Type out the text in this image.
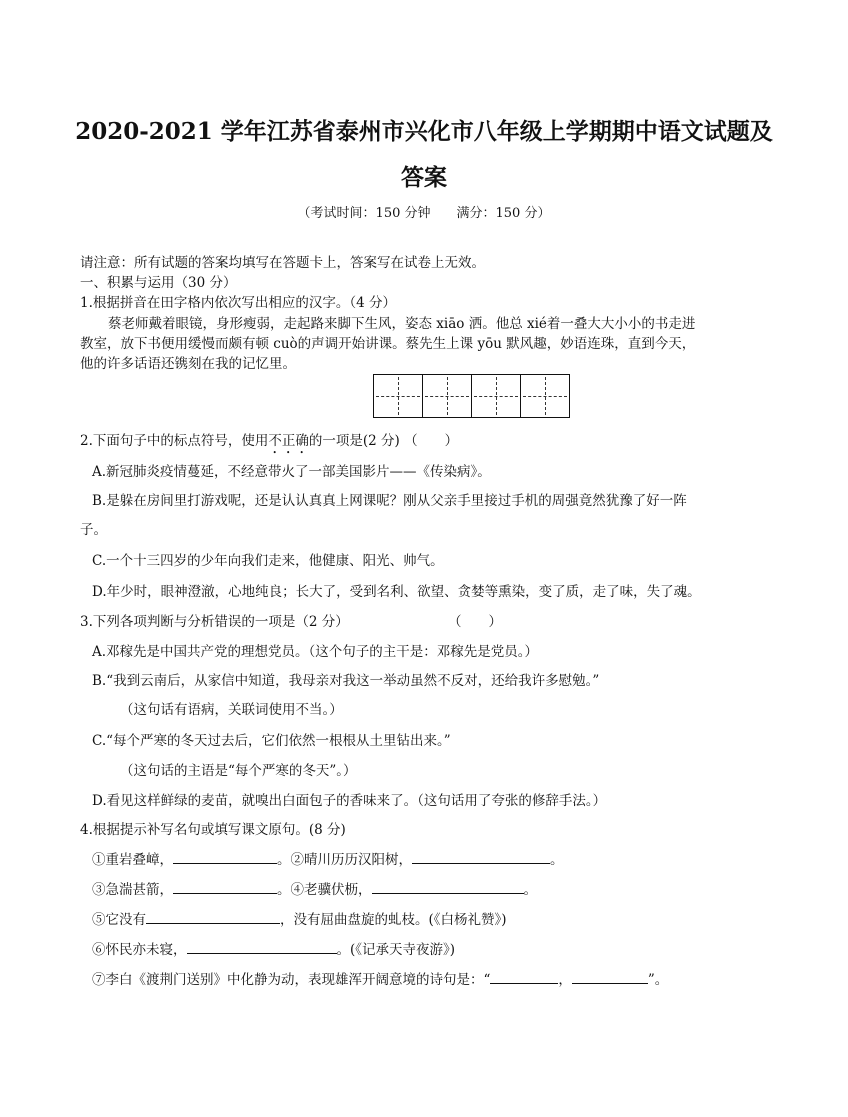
2020-2021 学年江苏省泰州市兴化市八年级上学期期中语文试题及
答案
（考试时间：150 分钟　　满分：150 分）
请注意：所有试题的答案均填写在答题卡上，答案写在试卷上无效。
一、积累与运用（30 分）
1.根据拼音在田字格内依次写出相应的汉字。（4 分）
蔡老师戴着眼镜，身形瘦弱，走起路来脚下生风，姿态 xiāo 洒。他总 xié着一叠大大小小的书走进
教室，放下书便用缓慢而颇有顿 cuò的声调开始讲课。蔡先生上课 yōu 默风趣，妙语连珠，直到今天，
他的许多话语还镌刻在我的记忆里。
2.下面句子中的标点符号，使用不正确的一项是(2 分) （　　）
A.新冠肺炎疫情蔓延，不经意带火了一部美国影片——《传染病》。
B.是躲在房间里打游戏呢，还是认认真真上网课呢？刚从父亲手里接过手机的周强竟然犹豫了好一阵
子。
C.一个十三四岁的少年向我们走来，他健康、阳光、帅气。
D.年少时，眼神澄澈，心地纯良；长大了，受到名利、欲望、贪婪等熏染，变了质，走了味，失了魂。
3.下列各项判断与分析错误的一项是（2 分）	（　　）
A.邓稼先是中国共产党的理想党员。（这个句子的主干是：邓稼先是党员。）
B.“我到云南后，从家信中知道，我母亲对我这一举动虽然不反对，还给我许多慰勉。”
（这句话有语病，关联词使用不当。）
C.“每个严寒的冬天过去后，它们依然一根根从土里钻出来。”
（这句话的主语是“每个严寒的冬天”。）
D.看见这样鲜绿的麦苗，就嗅出白面包子的香味来了。（这句话用了夸张的修辞手法。）
4.根据提示补写名句或填写课文原句。(8 分)
①重岩叠嶂，	。②晴川历历汉阳树，	。
③急湍甚箭，	。④老骥伏枥，	。
⑤它没有	，没有屈曲盘旋的虬枝。(《白杨礼赞》)
⑥怀民亦未寝，	。(《记承天寺夜游》)
⑦李白《渡荆门送别》中化静为动，表现雄浑开阔意境的诗句是：“	，	”。
